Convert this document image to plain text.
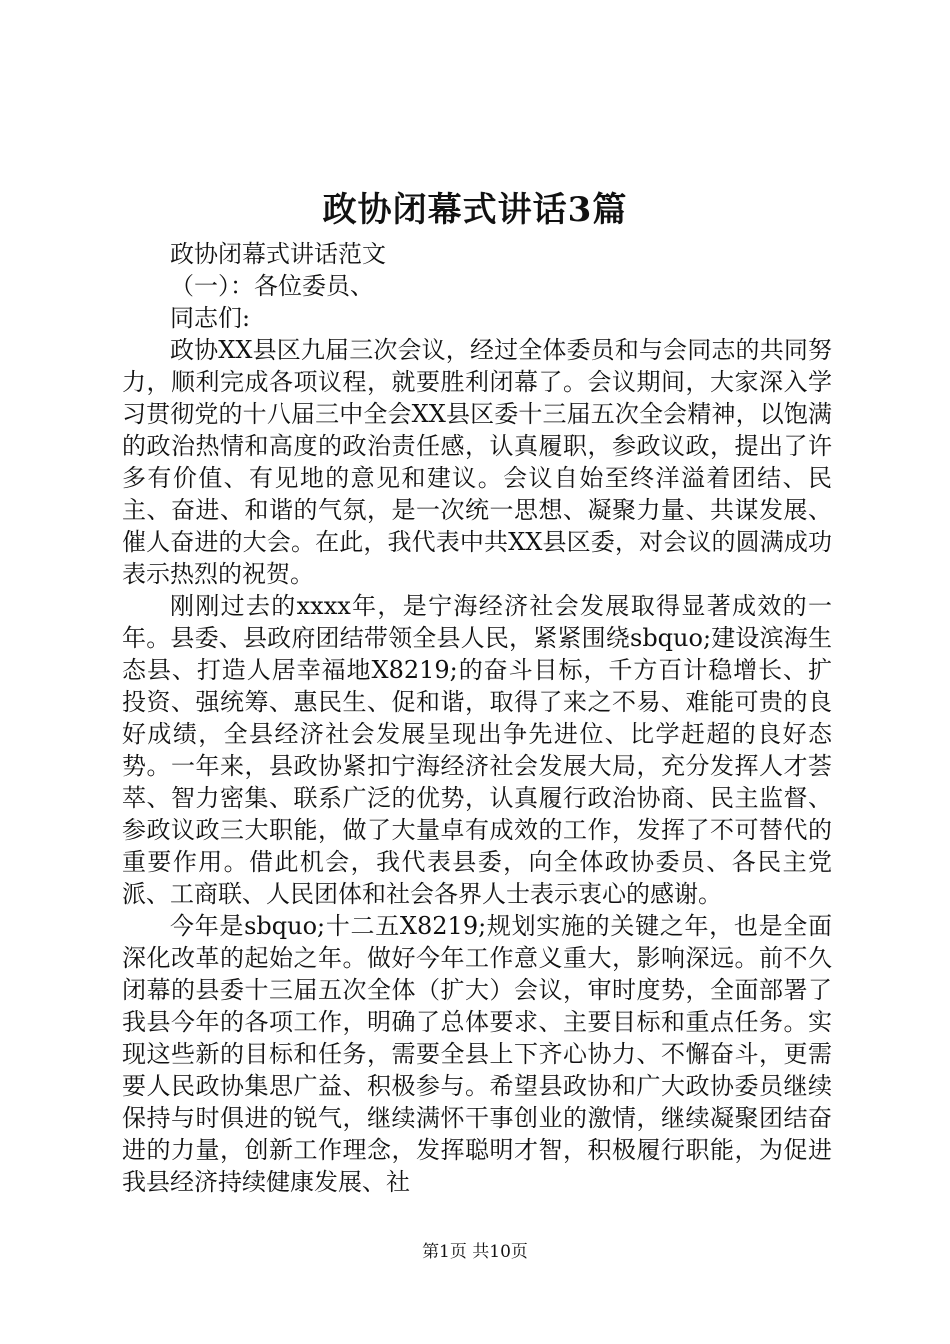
政协闭幕式讲话3篇

政协闭幕式讲话范文

（一）：各位委员、

同志们:

政协XX县区九届三次会议，经过全体委员和与会同志的共同努力，顺利完成各项议程，就要胜利闭幕了。会议期间，大家深入学习贯彻党的十八届三中全会XX县区委十三届五次全会精神，以饱满的政治热情和高度的政治责任感，认真履职，参政议政，提出了许多有价值、有见地的意见和建议。会议自始至终洋溢着团结、民主、奋进、和谐的气氛，是一次统一思想、凝聚力量、共谋发展、催人奋进的大会。在此，我代表中共XX县区委，对会议的圆满成功表示热烈的祝贺。

刚刚过去的xxxx年，是宁海经济社会发展取得显著成效的一年。县委、县政府团结带领全县人民，紧紧围绕sbquo;建设滨海生态县、打造人居幸福地X8219;的奋斗目标，千方百计稳增长、扩投资、强统筹、惠民生、促和谐，取得了来之不易、难能可贵的良好成绩，全县经济社会发展呈现出争先进位、比学赶超的良好态势。一年来，县政协紧扣宁海经济社会发展大局，充分发挥人才荟萃、智力密集、联系广泛的优势，认真履行政治协商、民主监督、参政议政三大职能，做了大量卓有成效的工作，发挥了不可替代的重要作用。借此机会，我代表县委，向全体政协委员、各民主党派、工商联、人民团体和社会各界人士表示衷心的感谢。

今年是sbquo;十二五X8219;规划实施的关键之年，也是全面深化改革的起始之年。做好今年工作意义重大，影响深远。前不久闭幕的县委十三届五次全体（扩大）会议，审时度势，全面部署了我县今年的各项工作，明确了总体要求、主要目标和重点任务。实现这些新的目标和任务，需要全县上下齐心协力、不懈奋斗，更需要人民政协集思广益、积极参与。希望县政协和广大政协委员继续保持与时俱进的锐气，继续满怀干事创业的激情，继续凝聚团结奋进的力量，创新工作理念，发挥聪明才智，积极履行职能，为促进我县经济持续健康发展、社

第1页 共10页
